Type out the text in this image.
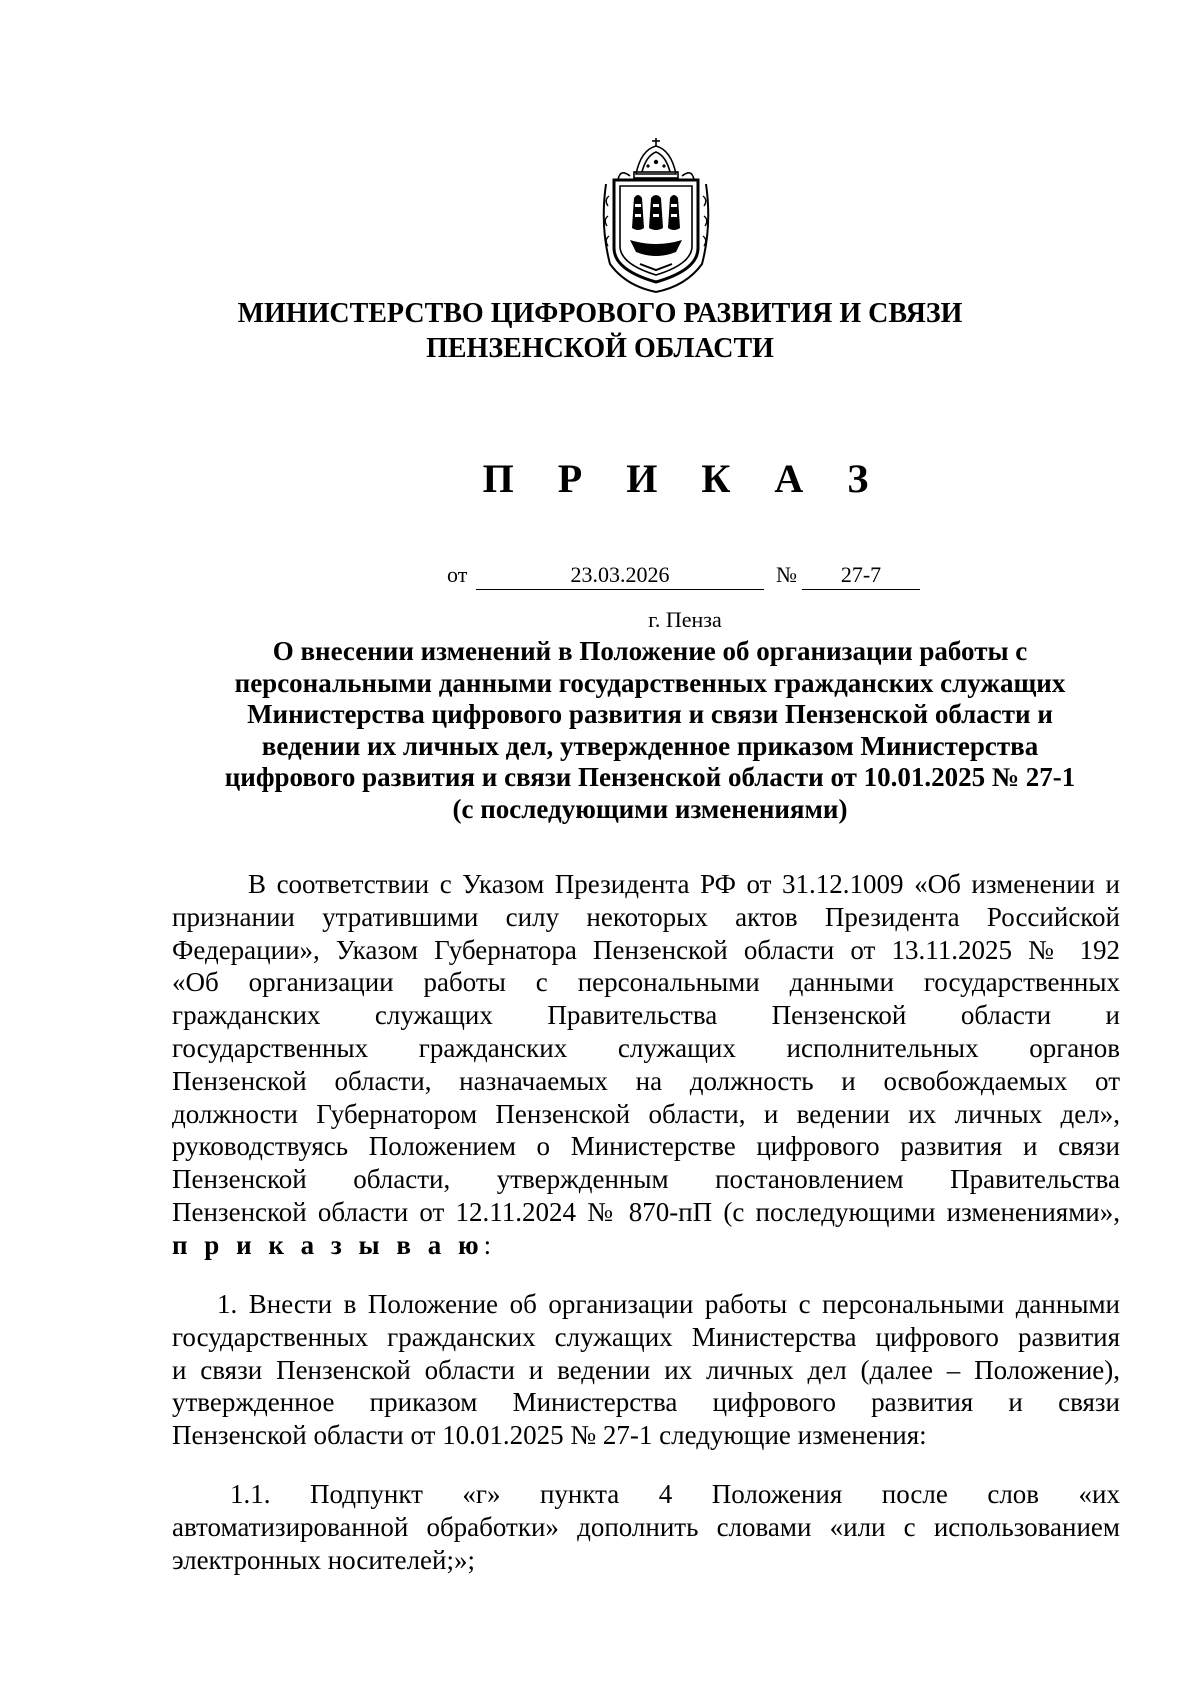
МИНИСТЕРСТВО ЦИФРОВОГО РАЗВИТИЯ И СВЯЗИ
ПЕНЗЕНСКОЙ ОБЛАСТИ
П Р И К А З
от	23.03.2026	№	27-7
г. Пенза
О внесении изменений в Положение об организации работы с
персональными данными государственных гражданских служащих
Министерства цифрового развития и связи Пензенской области и
ведении их личных дел, утвержденное приказом Министерства
цифрового развития и связи Пензенской области от 10.01.2025 № 27-1
(с последующими изменениями)
В соответствии с Указом Президента РФ от 31.12.1009 «Об изменении и
признании утратившими силу некоторых актов Президента Российской
Федерации», Указом Губернатора Пензенской области от 13.11.2025 № 192
«Об организации работы с персональными данными государственных
гражданских служащих Правительства Пензенской области и
государственных гражданских служащих исполнительных органов
Пензенской области, назначаемых на должность и освобождаемых от
должности Губернатором Пензенской области, и ведении их личных дел»,
руководствуясь Положением о Министерстве цифрового развития и связи
Пензенской области, утвержденным постановлением Правительства
Пензенской области от 12.11.2024 № 870-пП (с последующими изменениями»,
п р и к а з ы в а ю:
1. Внести в Положение об организации работы с персональными данными
государственных гражданских служащих Министерства цифрового развития
и связи Пензенской области и ведении их личных дел (далее – Положение),
утвержденное приказом Министерства цифрового развития и связи
Пензенской области от 10.01.2025 № 27-1 следующие изменения:
1.1. Подпункт «г» пункта 4 Положения после слов «их
автоматизированной обработки» дополнить словами «или с использованием
электронных носителей;»;
